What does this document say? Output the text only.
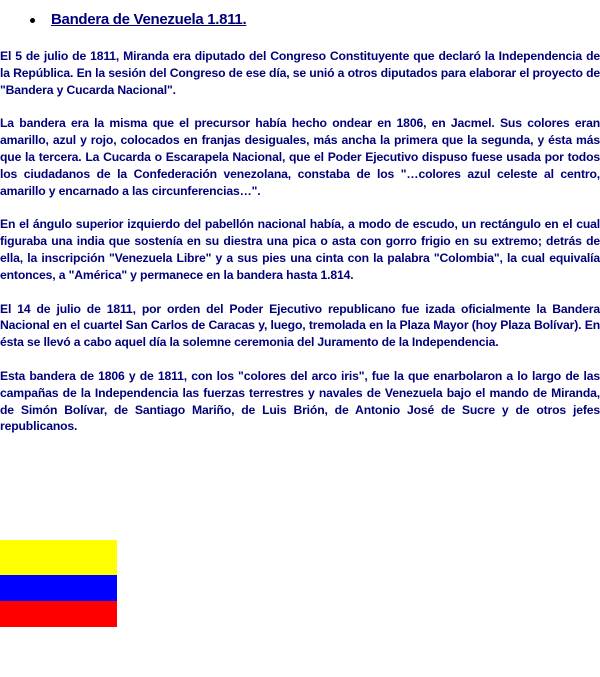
Bandera de Venezuela 1.811.

El 5 de julio de 1811, Miranda era diputado del Congreso Constituyente que declaró la Independencia de la República. En la sesión del Congreso de ese día, se unió a otros diputados para elaborar el proyecto de "Bandera y Cucarda Nacional".

La bandera era la misma que el precursor había hecho ondear en 1806, en Jacmel. Sus colores eran amarillo, azul y rojo, colocados en franjas desiguales, más ancha la primera que la segunda, y ésta más que la tercera. La Cucarda o Escarapela Nacional, que el Poder Ejecutivo dispuso fuese usada por todos los ciudadanos de la Confederación venezolana, constaba de los "…colores azul celeste al centro, amarillo y encarnado a las circunferencias…".

En el ángulo superior izquierdo del pabellón nacional había, a modo de escudo, un rectángulo en el cual figuraba una india que sostenía en su diestra una pica o asta con gorro frigio en su extremo; detrás de ella, la inscripción "Venezuela Libre" y a sus pies una cinta con la palabra "Colombia", la cual equivalía entonces, a "América" y permanece en la bandera hasta 1.814.

El 14 de julio de 1811, por orden del Poder Ejecutivo republicano fue izada oficialmente la Bandera Nacional en el cuartel San Carlos de Caracas y, luego, tremolada en la Plaza Mayor (hoy Plaza Bolívar). En ésta se llevó a cabo aquel día la solemne ceremonia del Juramento de la Independencia.

Esta bandera de 1806 y de 1811, con los "colores del arco iris", fue la que enarbolaron a lo largo de las campañas de la Independencia las fuerzas terrestres y navales de Venezuela bajo el mando de Miranda, de Simón Bolívar, de Santiago Mariño, de Luis Brión, de Antonio José de Sucre y de otros jefes republicanos.
